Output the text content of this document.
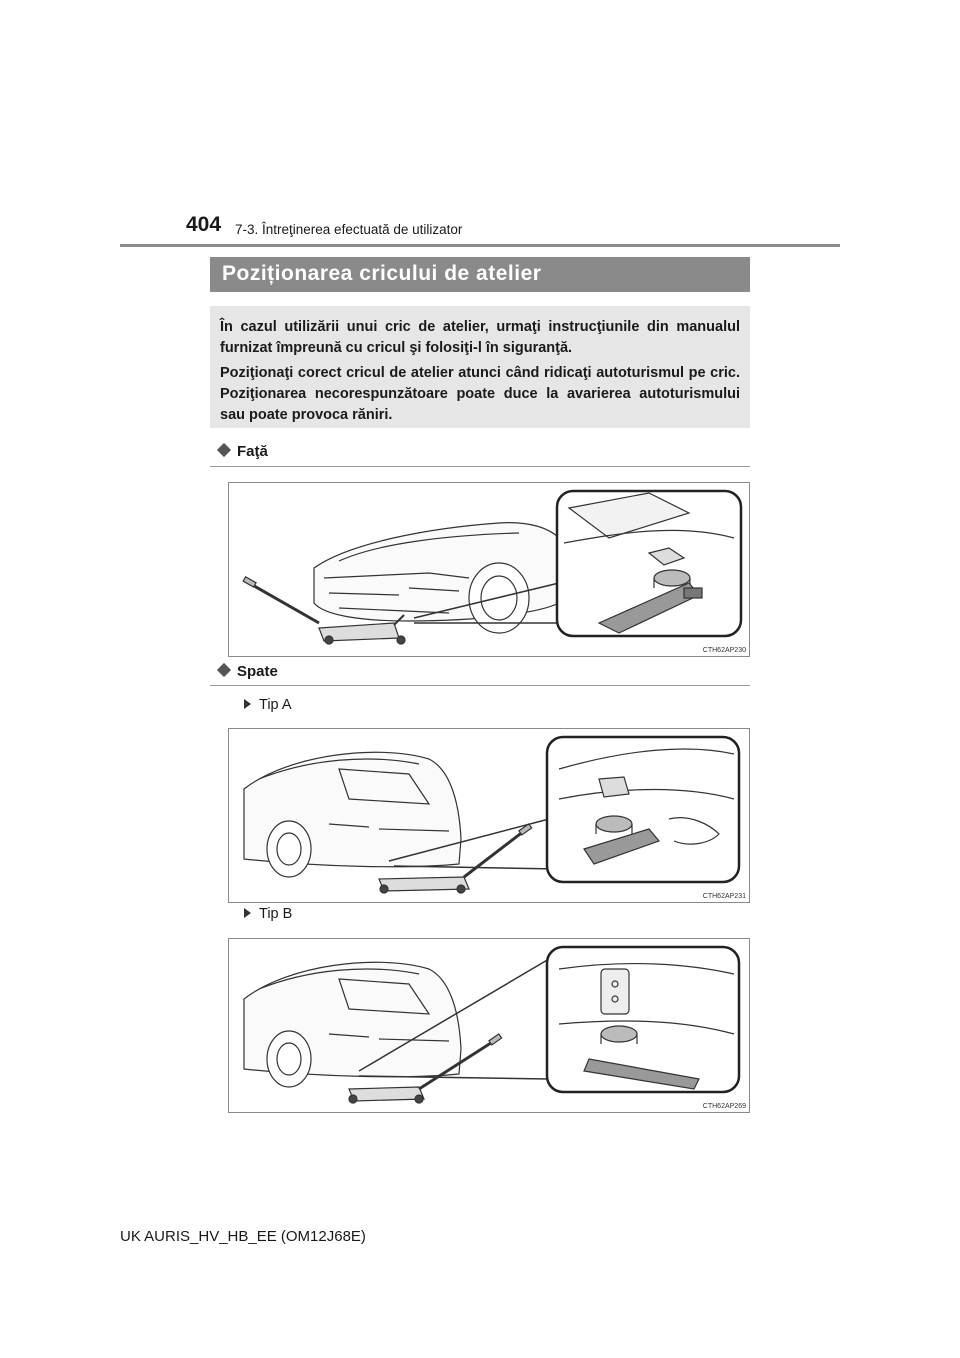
404 7-3. Întreţinerea efectuată de utilizator
Poziționarea cricului de atelier

În cazul utilizării unui cric de atelier, urmaţi instrucţiunile din manualul furnizat împreună cu cricul şi folosiţi-l în siguranţă.

Poziţionaţi corect cricul de atelier atunci când ridicaţi autoturismul pe cric. Poziţionarea necorespunzătoare poate duce la avarierea autoturismului sau poate provoca răniri.

Faţă
CTH62AP230
Spate
Tip A
CTH62AP231
Tip B
CTH62AP269
UK AURIS_HV_HB_EE (OM12J68E)
